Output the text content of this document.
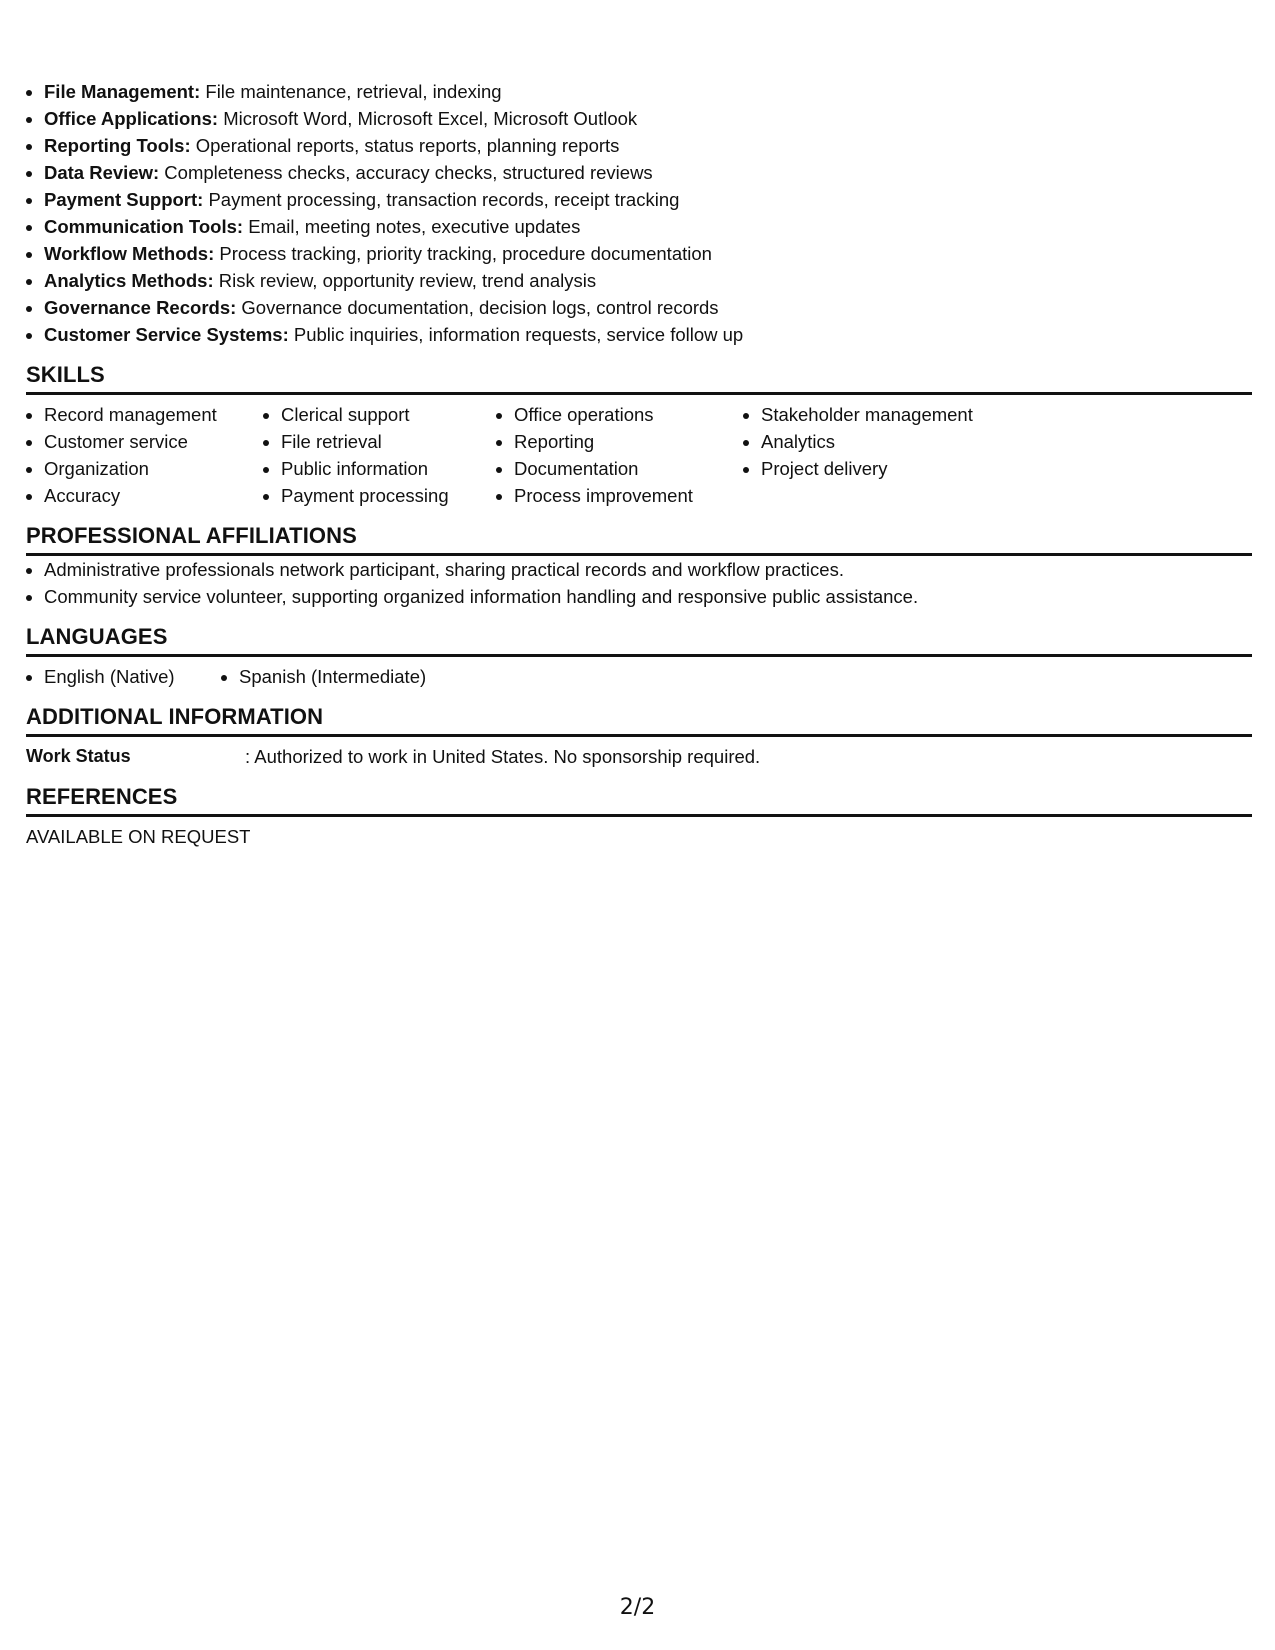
• File Management: File maintenance, retrieval, indexing
• Office Applications: Microsoft Word, Microsoft Excel, Microsoft Outlook
• Reporting Tools: Operational reports, status reports, planning reports
• Data Review: Completeness checks, accuracy checks, structured reviews
• Payment Support: Payment processing, transaction records, receipt tracking
• Communication Tools: Email, meeting notes, executive updates
• Workflow Methods: Process tracking, priority tracking, procedure documentation
• Analytics Methods: Risk review, opportunity review, trend analysis
• Governance Records: Governance documentation, decision logs, control records
• Customer Service Systems: Public inquiries, information requests, service follow up
SKILLS
• Record management
• Customer service
• Organization
• Accuracy
• Clerical support
• File retrieval
• Public information
• Payment processing
• Office operations
• Reporting
• Documentation
• Process improvement
• Stakeholder management
• Analytics
• Project delivery
PROFESSIONAL AFFILIATIONS
• Administrative professionals network participant, sharing practical records and workflow practices.
• Community service volunteer, supporting organized information handling and responsive public assistance.
LANGUAGES
• English (Native)
•	Spanish (Intermediate)
ADDITIONAL INFORMATION
Work Status	: Authorized to work in United States. No sponsorship required.
REFERENCES
AVAILABLE ON REQUEST
2/2
